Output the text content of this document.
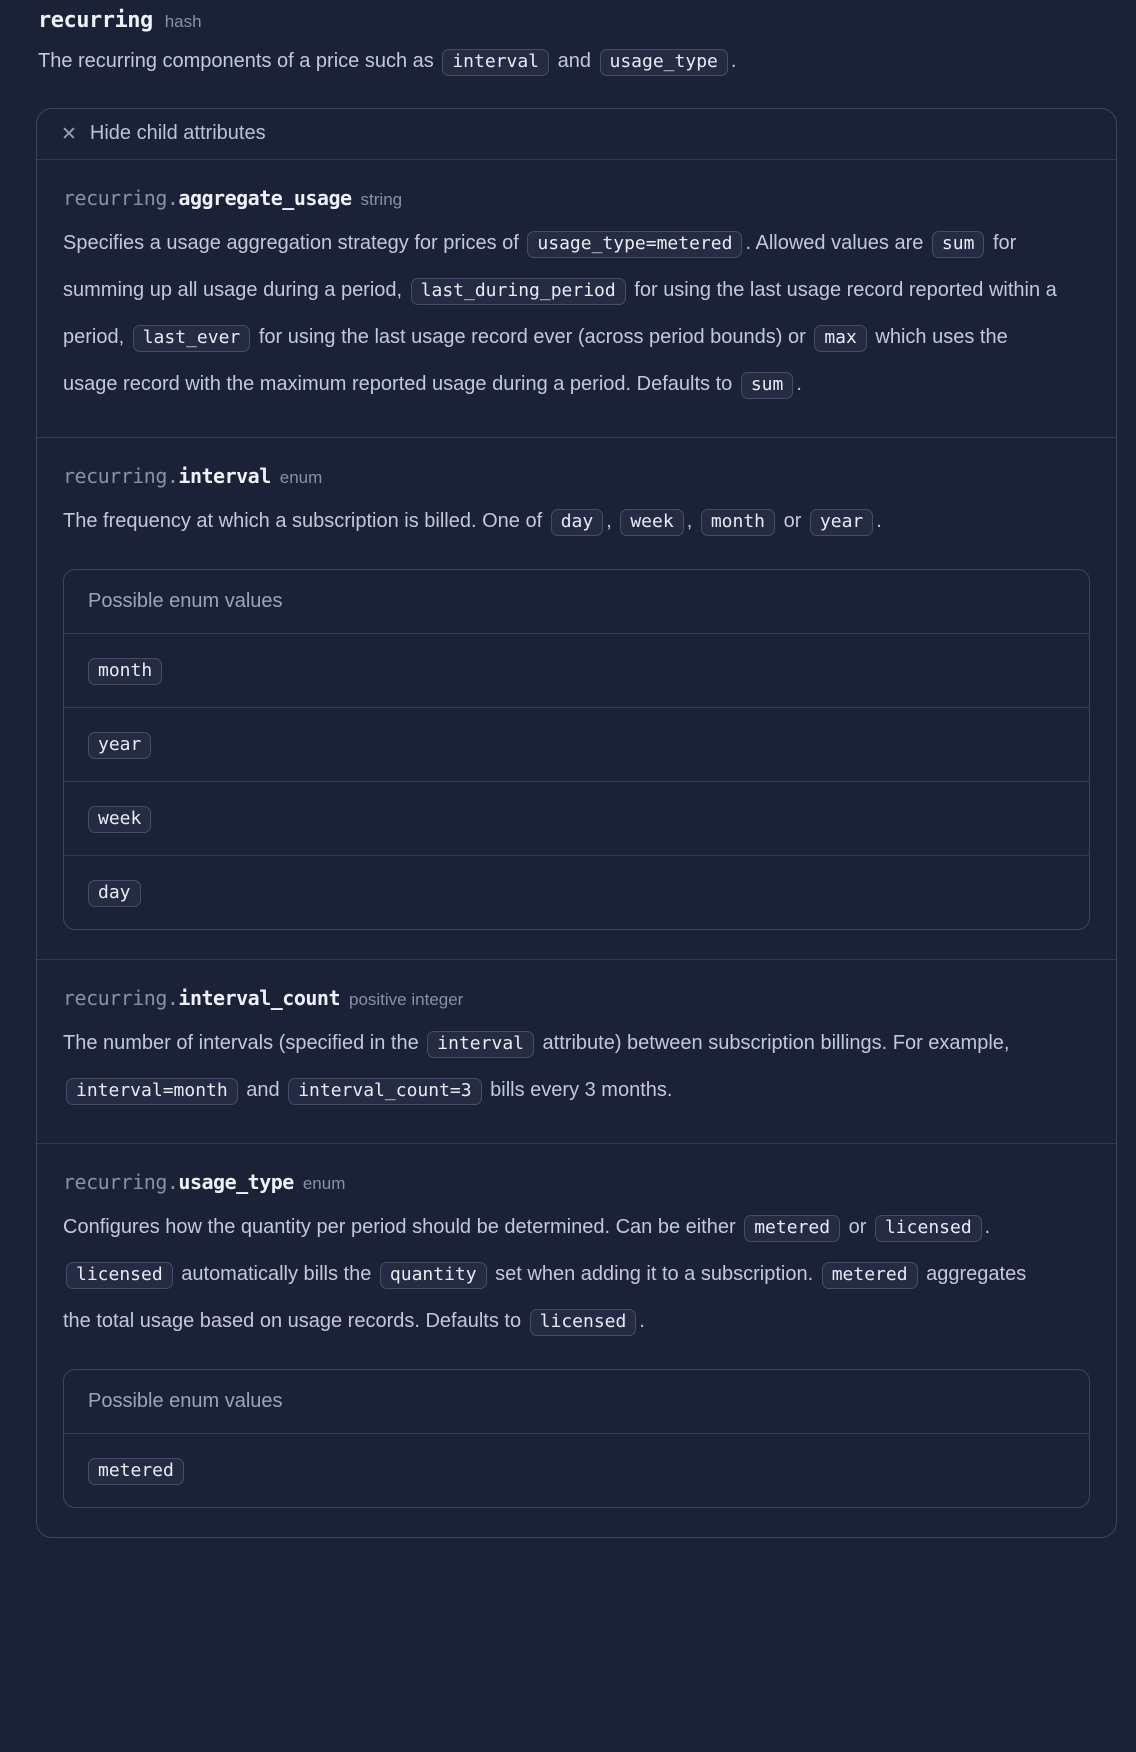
recurring hash

The recurring components of a price such as interval and usage_type .

✕ Hide child attributes
recurring.aggregate_usage string

Specifies a usage aggregation strategy for prices of usage_type=metered . Allowed values are sum for summing up all usage during a period, last_during_period for using the last usage record reported within a period, last_ever for using the last usage record ever (across period bounds) or max which uses the usage record with the maximum reported usage during a period. Defaults to sum .

recurring.interval enum

The frequency at which a subscription is billed. One of day , week , month or year .

Possible enum values
month
year
week
day
recurring.interval_count positive integer

The number of intervals (specified in the interval attribute) between subscription billings. For example, interval=month and interval_count=3 bills every 3 months.

recurring.usage_type enum

Configures how the quantity per period should be determined. Can be either metered or licensed . licensed automatically bills the quantity set when adding it to a subscription. metered aggregates the total usage based on usage records. Defaults to licensed .

Possible enum values
metered
